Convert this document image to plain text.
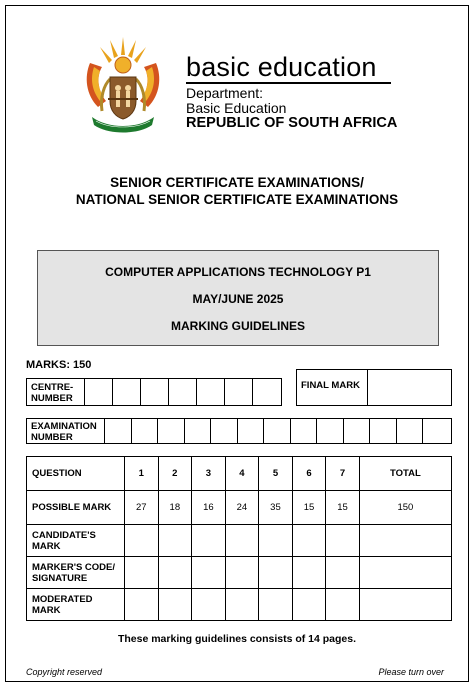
basic education
Department:
Basic Education
REPUBLIC OF SOUTH AFRICA
SENIOR CERTIFICATE EXAMINATIONS/
NATIONAL SENIOR CERTIFICATE EXAMINATIONS
COMPUTER APPLICATIONS TECHNOLOGY P1
MAY/JUNE 2025
MARKING GUIDELINES
MARKS: 150
CENTRE-
NUMBER
FINAL MARK
EXAMINATION
NUMBER
QUESTION	1	2	3	4	5	6	7	TOTAL
POSSIBLE MARK	27	18	16	24	35	15	15	150

CANDIDATE'S
MARK								

MARKER'S CODE/
SIGNATURE								

MODERATED
MARK								

These marking guidelines consists of 14 pages.
Copyright reserved	Please turn over
